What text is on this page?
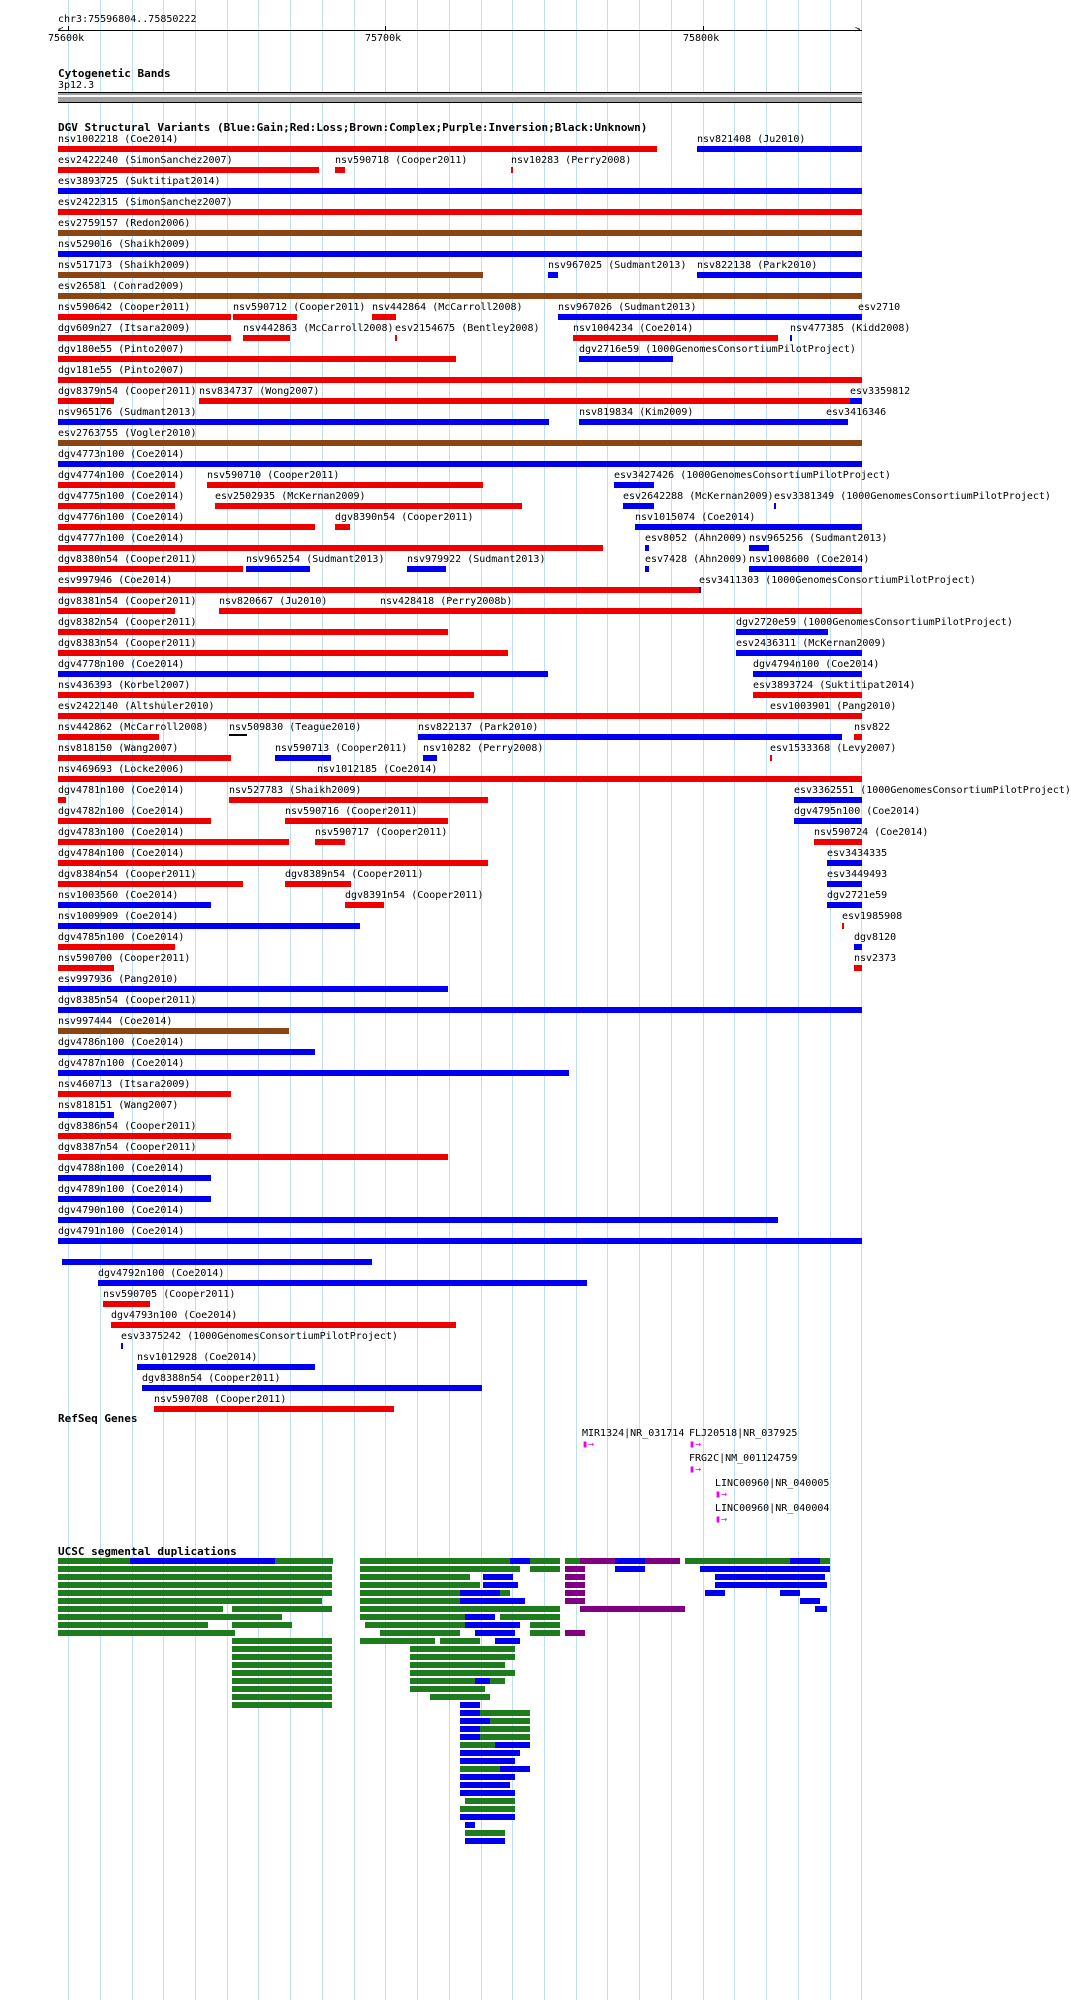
chr3:75596804..75850222
<	>
75600k	75700k	75800k
Cytogenetic Bands
3p12.3
DGV Structural Variants (Blue:Gain;Red:Loss;Brown:Complex;Purple:Inversion;Black:Unknown)
nsv1002218 (Coe2014)	nsv821408 (Ju2010)
esv2422240 (SimonSanchez2007)	nsv590718 (Cooper2011)	nsv10283 (Perry2008)
esv3893725 (Suktitipat2014)
esv2422315 (SimonSanchez2007)
esv2759157 (Redon2006)
nsv529016 (Shaikh2009)
nsv517173 (Shaikh2009)	nsv967025 (Sudmant2013) nsv822138 (Park2010)
esv26581 (Conrad2009)
nsv590642 (Cooper2011)	nsv590712 (Cooper2011) nsv442864 (McCarroll2008)	nsv967026 (Sudmant2013)	esv2710
dgv609n27 (Itsara2009)	nsv442863 (McCarroll2008) esv2154675 (Bentley2008)	nsv1004234 (Coe2014)	nsv477385 (Kidd2008)
dgv180e55 (Pinto2007)	dgv2716e59 (1000GenomesConsortiumPilotProject)
dgv181e55 (Pinto2007)
dgv8379n54 (Cooper2011) nsv834737 (Wong2007)	esv3359812
nsv965176 (Sudmant2013)	nsv819834 (Kim2009)	esv3416346
esv2763755 (Vogler2010)
dgv4773n100 (Coe2014)
dgv4774n100 (Coe2014) nsv590710 (Cooper2011)	esv3427426 (1000GenomesConsortiumPilotProject)
dgv4775n100 (Coe2014)	esv2502935 (McKernan2009)	esv2642288 (McKernan2009) esv3381349 (1000GenomesConsortiumPilotProject)
dgv4776n100 (Coe2014)	dgv8390n54 (Cooper2011)	nsv1015074 (Coe2014)
dgv4777n100 (Coe2014)	esv8052 (Ahn2009) nsv965256 (Sudmant2013)
dgv8380n54 (Cooper2011)	nsv965254 (Sudmant2013) nsv979922 (Sudmant2013)	esv7428 (Ahn2009) nsv1008600 (Coe2014)
esv997946 (Coe2014)	esv3411303 (1000GenomesConsortiumPilotProject)
dgv8381n54 (Cooper2011) nsv820667 (Ju2010)	nsv428418 (Perry2008b)
dgv8382n54 (Cooper2011)	dgv2720e59 (1000GenomesConsortiumPilotProject)
dgv8383n54 (Cooper2011)	esv2436311 (McKernan2009)
dgv4778n100 (Coe2014)	dgv4794n100 (Coe2014)
nsv436393 (Korbel2007)	esv3893724 (Suktitipat2014)
esv2422140 (Altshuler2010)	esv1003901 (Pang2010)
nsv442862 (McCarroll2008) nsv509830 (Teague2010)	nsv822137 (Park2010)	nsv822
nsv818150 (Wang2007)	nsv590713 (Cooper2011) nsv10282 (Perry2008)	esv1533368 (Levy2007)
nsv469693 (Locke2006)	nsv1012185 (Coe2014)
dgv4781n100 (Coe2014)	nsv527783 (Shaikh2009)	esv3362551 (1000GenomesConsortiumPilotProject)
dgv4782n100 (Coe2014)	nsv590716 (Cooper2011)	dgv4795n100 (Coe2014)
dgv4783n100 (Coe2014)	nsv590717 (Cooper2011)	nsv590724 (Coe2014)
dgv4784n100 (Coe2014)	esv3434335
dgv8384n54 (Cooper2011)	dgv8389n54 (Cooper2011)	esv3449493
nsv1003560 (Coe2014)	dgv8391n54 (Cooper2011)	dgv2721e59
nsv1009909 (Coe2014)	esv1985908
dgv4785n100 (Coe2014)	dgv8120
nsv590700 (Cooper2011)	nsv2373
esv997936 (Pang2010)
dgv8385n54 (Cooper2011)
nsv997444 (Coe2014)
dgv4786n100 (Coe2014)
dgv4787n100 (Coe2014)
nsv460713 (Itsara2009)
nsv818151 (Wang2007)
dgv8386n54 (Cooper2011)
dgv8387n54 (Cooper2011)
dgv4788n100 (Coe2014)
dgv4789n100 (Coe2014)
dgv4790n100 (Coe2014)
dgv4791n100 (Coe2014)
dgv4792n100 (Coe2014)
nsv590705 (Cooper2011)
dgv4793n100 (Coe2014)
esv3375242 (1000GenomesConsortiumPilotProject)
nsv1012928 (Coe2014)
dgv8388n54 (Cooper2011)
nsv590708 (Cooper2011)
RefSeq Genes
MIR1324|NR_031714
▮→
FLJ20518|NR_037925
▮→
FRG2C|NM_001124759
▮→
LINC00960|NR_040005
▮→
LINC00960|NR_040004
▮→
UCSC segmental duplications
